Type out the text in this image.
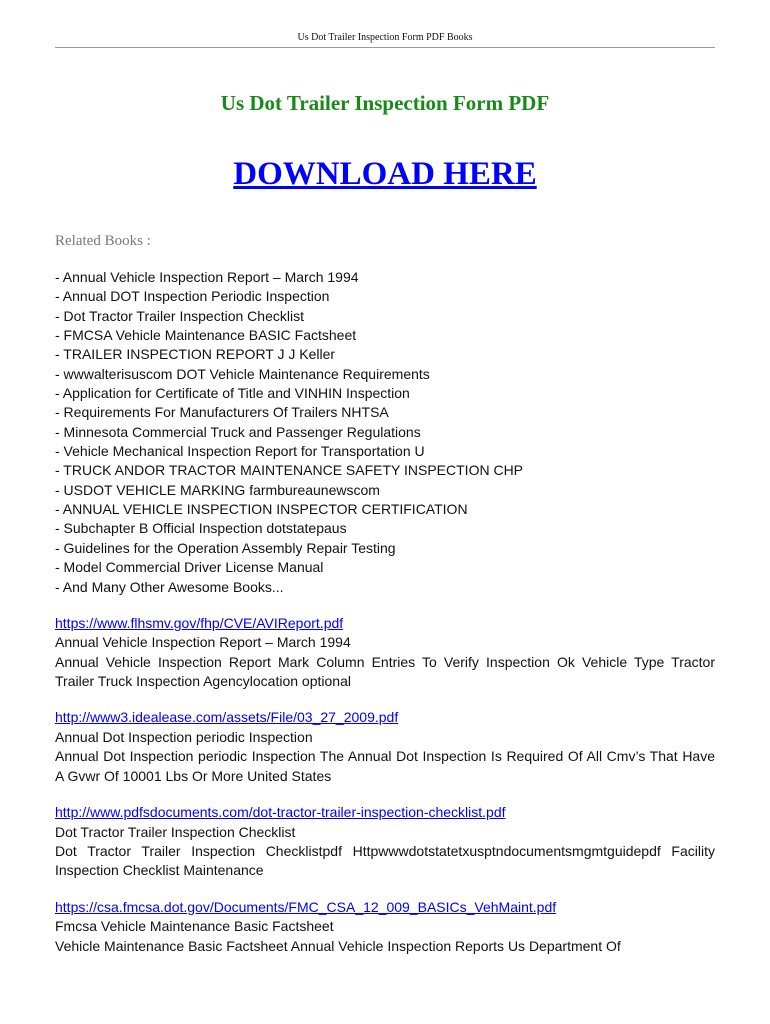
Us Dot Trailer Inspection Form PDF Books
Us Dot Trailer Inspection Form PDF
DOWNLOAD HERE
Related Books :
- Annual Vehicle Inspection Report – March 1994
- Annual DOT Inspection Periodic Inspection
- Dot Tractor Trailer Inspection Checklist
- FMCSA Vehicle Maintenance BASIC Factsheet
- TRAILER INSPECTION REPORT J J Keller
- wwwalterisuscom DOT Vehicle Maintenance Requirements
- Application for Certificate of Title and VINHIN Inspection
- Requirements For Manufacturers Of Trailers NHTSA
- Minnesota Commercial Truck and Passenger Regulations
- Vehicle Mechanical Inspection Report for Transportation U
- TRUCK ANDOR TRACTOR MAINTENANCE SAFETY INSPECTION CHP
- USDOT VEHICLE MARKING farmbureaunewscom
- ANNUAL VEHICLE INSPECTION INSPECTOR CERTIFICATION
- Subchapter B Official Inspection dotstatepaus
- Guidelines for the Operation Assembly Repair Testing
- Model Commercial Driver License Manual
- And Many Other Awesome Books...
https://www.flhsmv.gov/fhp/CVE/AVIReport.pdf
Annual Vehicle Inspection Report – March 1994
Annual Vehicle Inspection Report Mark Column Entries To Verify Inspection Ok Vehicle Type Tractor Trailer Truck Inspection Agencylocation optional
http://www3.idealease.com/assets/File/03_27_2009.pdf
Annual Dot Inspection periodic Inspection
Annual Dot Inspection periodic Inspection The Annual Dot Inspection Is Required Of All Cmv’s That Have A Gvwr Of 10001 Lbs Or More United States
http://www.pdfsdocuments.com/dot-tractor-trailer-inspection-checklist.pdf
Dot Tractor Trailer Inspection Checklist
Dot Tractor Trailer Inspection Checklistpdf Httpwwwdotstatetxusptndocumentsmgmtguidepdf Facility Inspection Checklist Maintenance
https://csa.fmcsa.dot.gov/Documents/FMC_CSA_12_009_BASICs_VehMaint.pdf
Fmcsa Vehicle Maintenance Basic Factsheet
Vehicle Maintenance Basic Factsheet Annual Vehicle Inspection Reports Us Department Of
